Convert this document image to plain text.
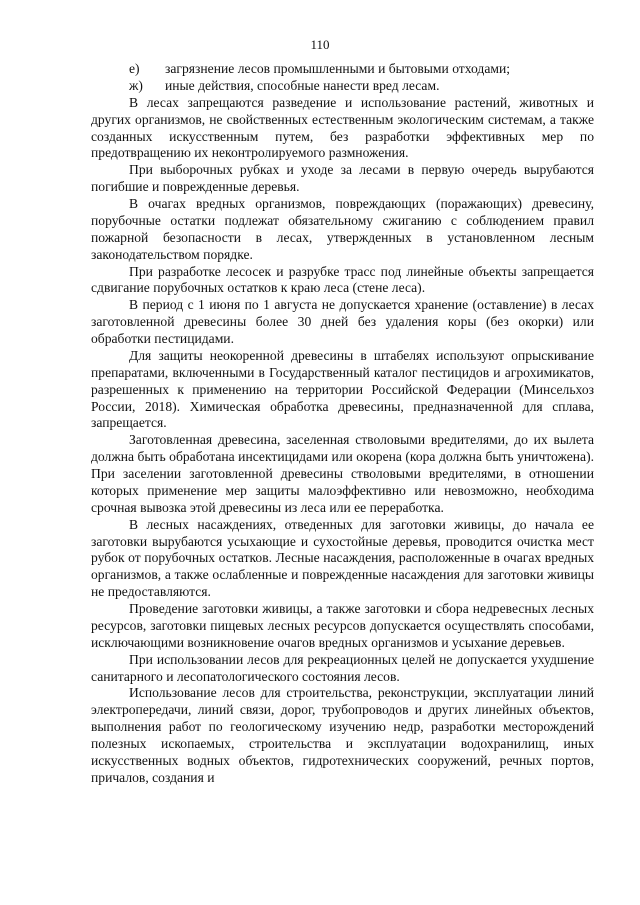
110

е) загрязнение лесов промышленными и бытовыми отходами;

ж) иные действия, способные нанести вред лесам.

В лесах запрещаются разведение и использование растений, животных и других организмов, не свойственных естественным экологическим системам, а также созданных искусственным путем, без разработки эффективных мер по предотвращению их неконтролируемого размножения.

При выборочных рубках и уходе за лесами в первую очередь вырубаются погибшие и поврежденные деревья.

В очагах вредных организмов, повреждающих (поражающих) древесину, порубочные остатки подлежат обязательному сжиганию с соблюдением правил пожарной безопасности в лесах, утвержденных в установленном лесным законодательством порядке.

При разработке лесосек и разрубке трасс под линейные объекты запрещается сдвигание порубочных остатков к краю леса (стене леса).

В период с 1 июня по 1 августа не допускается хранение (оставление) в лесах заготовленной древесины более 30 дней без удаления коры (без окорки) или обработки пестицидами.

Для защиты неокоренной древесины в штабелях используют опрыскивание препаратами, включенными в Государственный каталог пестицидов и агрохимикатов, разрешенных к применению на территории Российской Федерации (Минсельхоз России, 2018). Химическая обработка древесины, предназначенной для сплава, запрещается.

Заготовленная древесина, заселенная стволовыми вредителями, до их вылета должна быть обработана инсектицидами или окорена (кора должна быть уничтожена). При заселении заготовленной древесины стволовыми вредителями, в отношении которых применение мер защиты малоэффективно или невозможно, необходима срочная вывозка этой древесины из леса или ее переработка.

В лесных насаждениях, отведенных для заготовки живицы, до начала ее заготовки вырубаются усыхающие и сухостойные деревья, проводится очистка мест рубок от порубочных остатков. Лесные насаждения, расположенные в очагах вредных организмов, а также ослабленные и поврежденные насаждения для заготовки живицы не предоставляются.

Проведение заготовки живицы, а также заготовки и сбора недревесных лесных ресурсов, заготовки пищевых лесных ресурсов допускается осуществлять способами, исключающими возникновение очагов вредных организмов и усыхание деревьев.

При использовании лесов для рекреационных целей не допускается ухудшение санитарного и лесопатологического состояния лесов.

Использование лесов для строительства, реконструкции, эксплуатации линий электропередачи, линий связи, дорог, трубопроводов и других линейных объектов, выполнения работ по геологическому изучению недр, разработки месторождений полезных ископаемых, строительства и эксплуатации водохранилищ, иных искусственных водных объектов, гидротехнических сооружений, речных портов, причалов, создания и
